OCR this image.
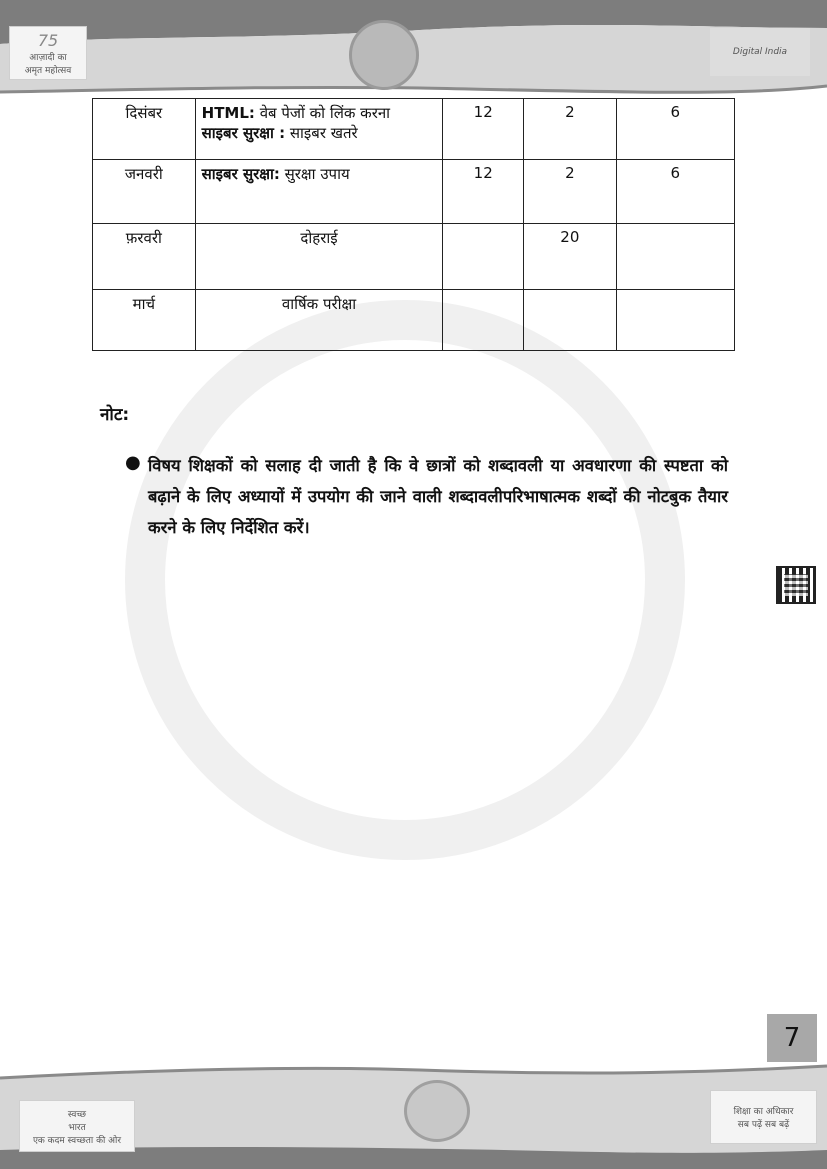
75
आज़ादी का
अमृत महोत्सव
Digital India
दिसंबर	HTML: वेब पेजों को लिंक करना
साइबर सुरक्षा : साइबर खतरे	12	2	6
जनवरी	साइबर सुरक्षा: सुरक्षा उपाय	12	2	6
फ़रवरी	दोहराई		20	
मार्च	वार्षिक परीक्षा			
नोट:
● विषय शिक्षकों को सलाह दी जाती है कि वे छात्रों को शब्दावली या अवधारणा की स्पष्टता को बढ़ाने के लिए अध्यायों में उपयोग की जाने वाली शब्दावलीपरिभाषात्मक शब्दों की नोटबुक तैयार करने के लिए निर्देशित करें।
7
स्वच्छ
भारत
एक कदम स्वच्छता की ओर
शिक्षा का अधिकार
सब पढ़ें सब बढ़ें
